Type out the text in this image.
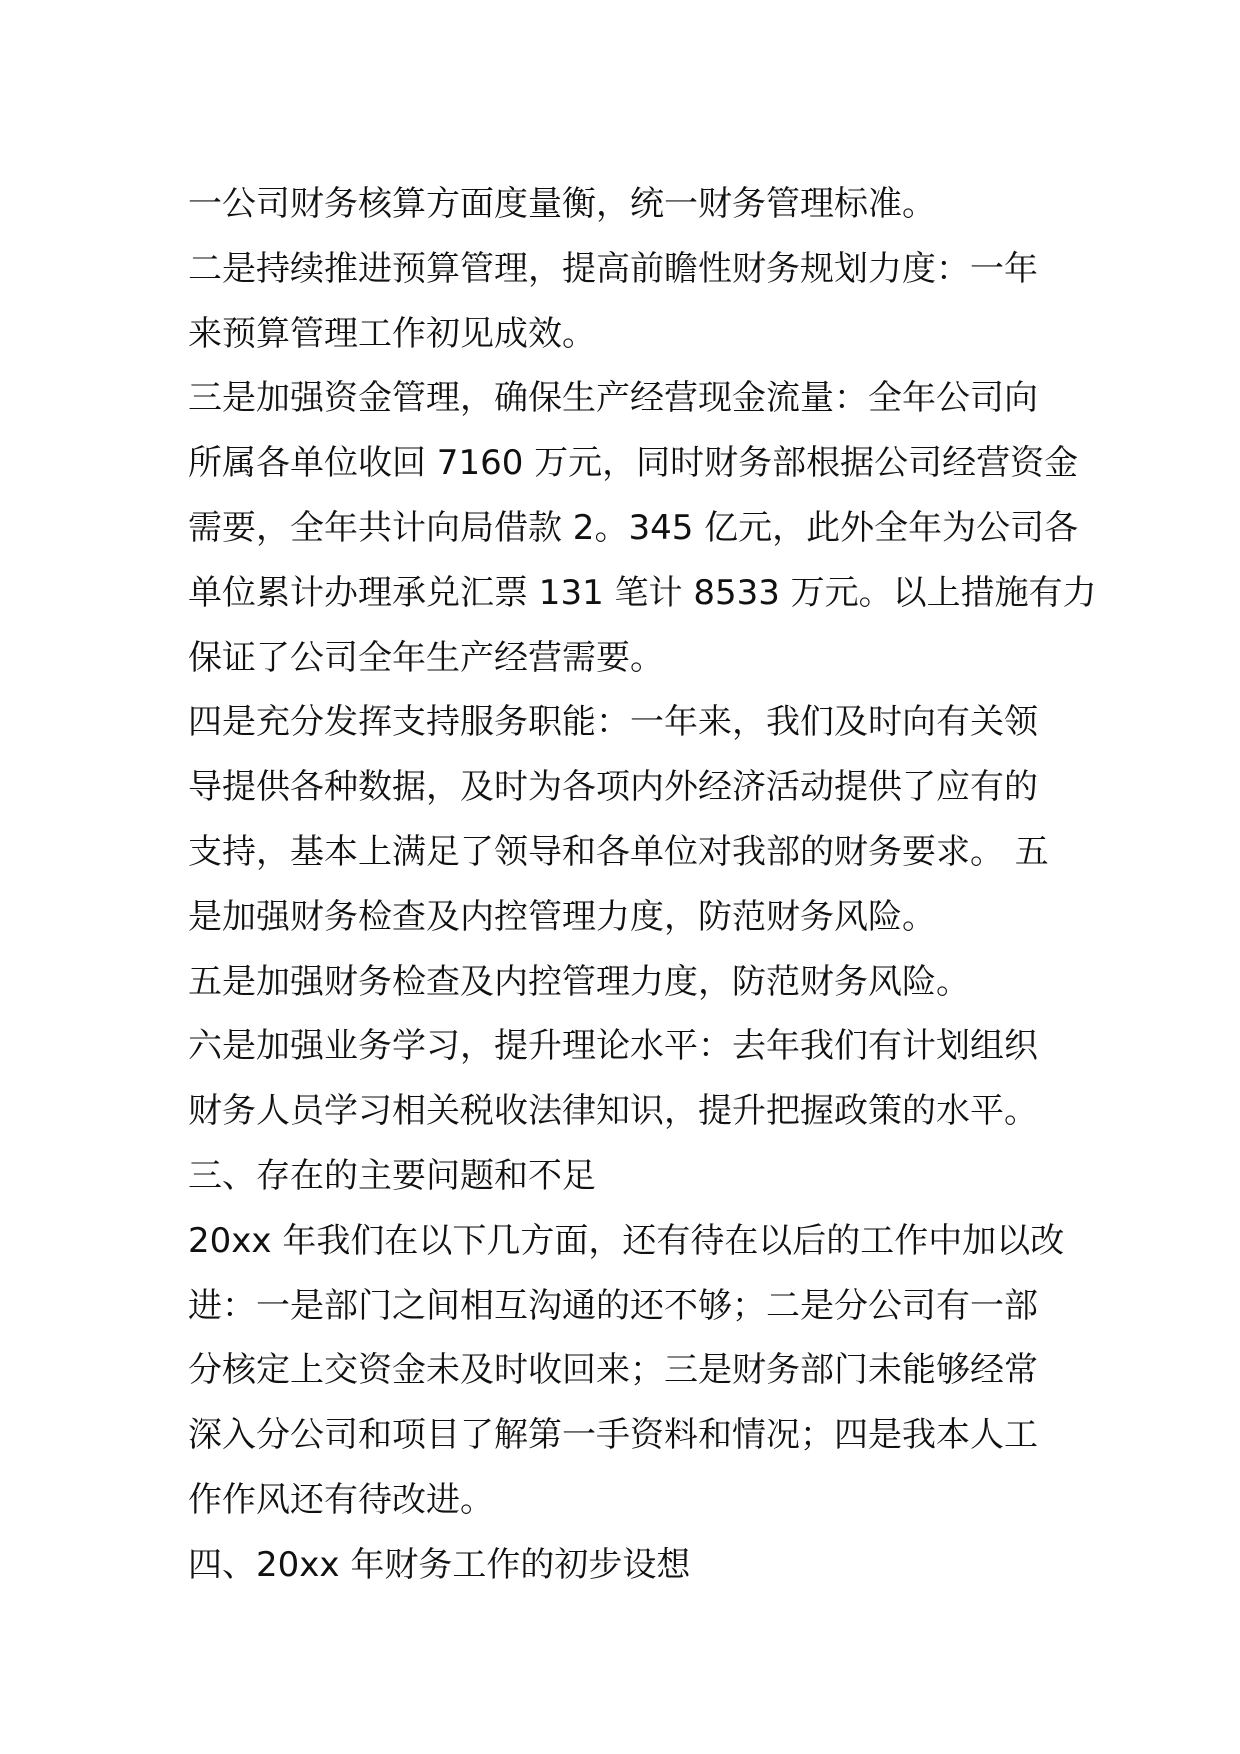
一公司财务核算方面度量衡，统一财务管理标准。

二是持续推进预算管理，提高前瞻性财务规划力度：一年
来预算管理工作初见成效。

三是加强资金管理，确保生产经营现金流量：全年公司向
所属各单位收回 7160 万元，同时财务部根据公司经营资金
需要，全年共计向局借款 2。345 亿元，此外全年为公司各
单位累计办理承兑汇票 131 笔计 8533 万元。以上措施有力
保证了公司全年生产经营需要。

四是充分发挥支持服务职能：一年来，我们及时向有关领
导提供各种数据，及时为各项内外经济活动提供了应有的
支持，基本上满足了领导和各单位对我部的财务要求。 五
是加强财务检查及内控管理力度，防范财务风险。

五是加强财务检查及内控管理力度，防范财务风险。

六是加强业务学习，提升理论水平：去年我们有计划组织
财务人员学习相关税收法律知识，提升把握政策的水平。

三、存在的主要问题和不足

20xx 年我们在以下几方面，还有待在以后的工作中加以改
进：一是部门之间相互沟通的还不够；二是分公司有一部
分核定上交资金未及时收回来；三是财务部门未能够经常
深入分公司和项目了解第一手资料和情况；四是我本人工
作作风还有待改进。

四、20xx 年财务工作的初步设想
